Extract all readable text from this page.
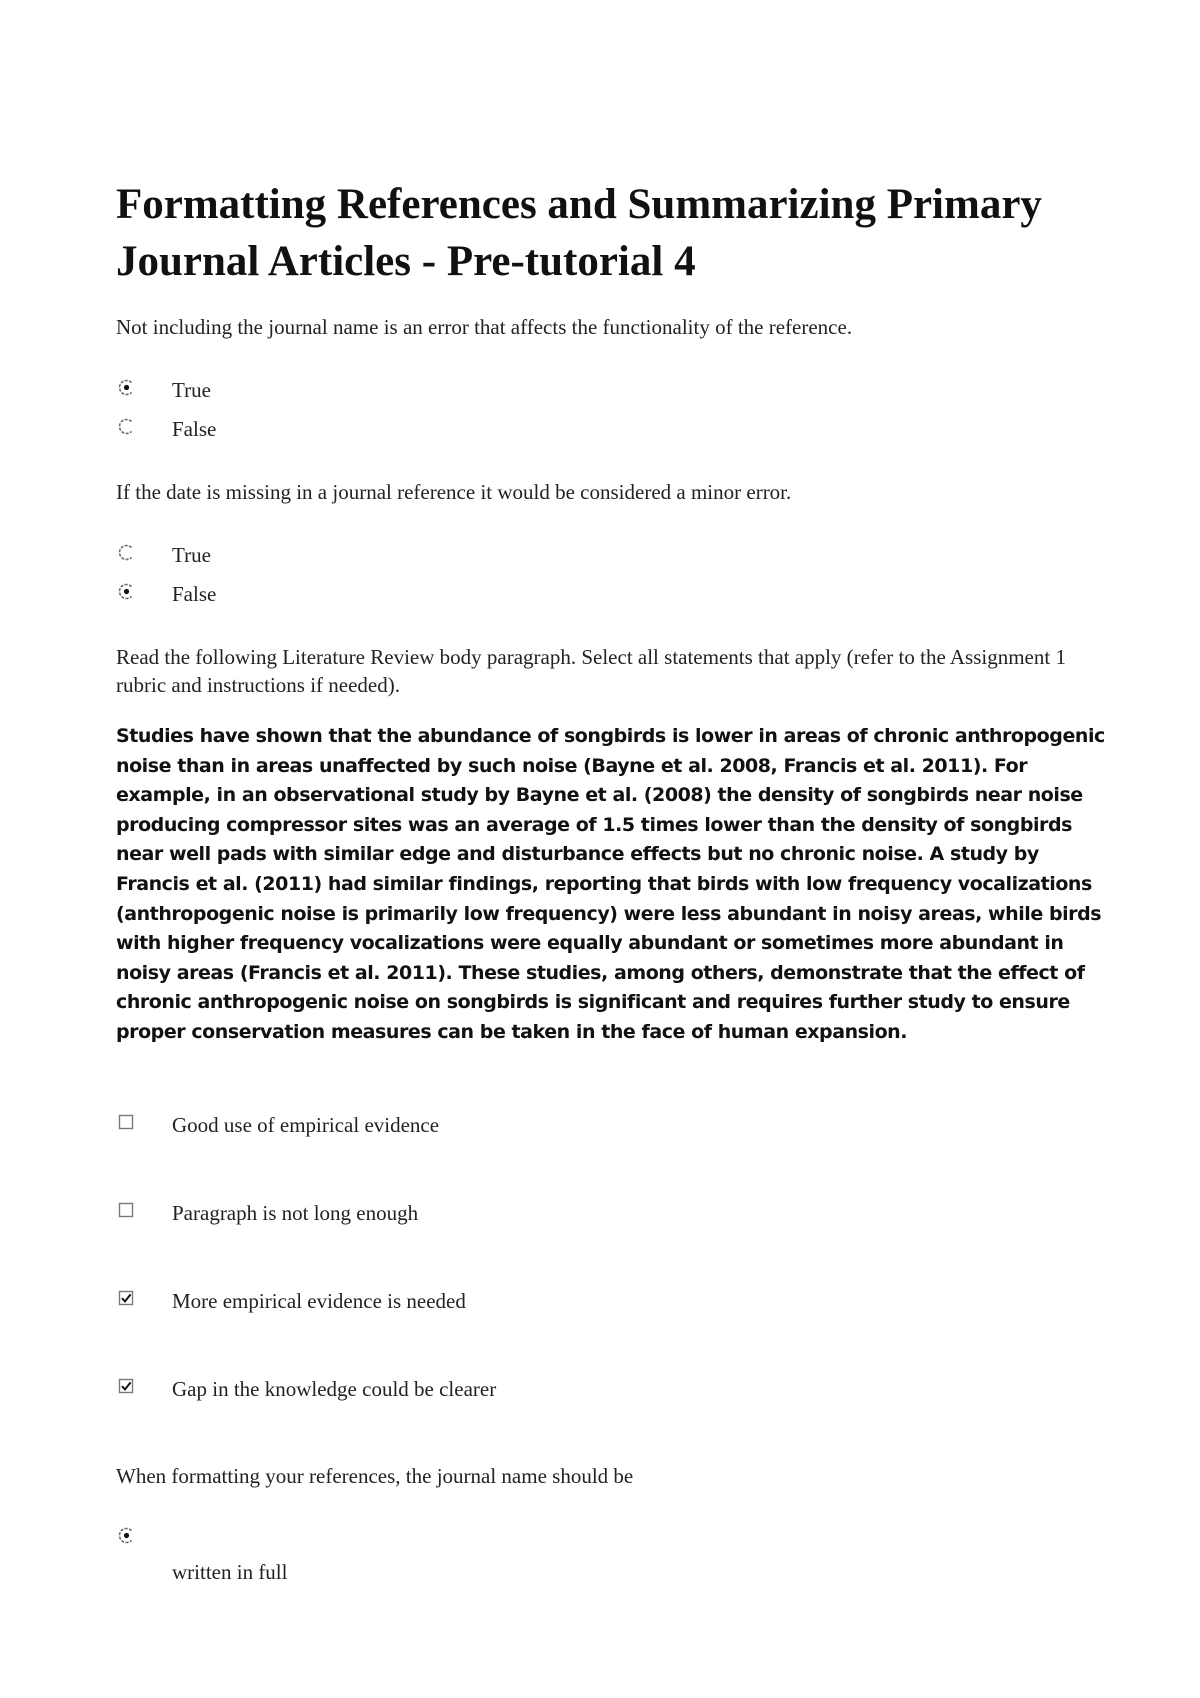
Formatting References and Summarizing Primary Journal Articles - Pre-tutorial 4

Not including the journal name is an error that affects the functionality of the reference.

True
False

If the date is missing in a journal reference it would be considered a minor error.

True
False

Read the following Literature Review body paragraph. Select all statements that apply (refer to the Assignment 1 rubric and instructions if needed).

Studies have shown that the abundance of songbirds is lower in areas of chronic anthropogenic noise than in areas unaffected by such noise (Bayne et al. 2008, Francis et al. 2011). For example, in an observational study by Bayne et al. (2008) the density of songbirds near noise producing compressor sites was an average of 1.5 times lower than the density of songbirds near well pads with similar edge and disturbance effects but no chronic noise. A study by Francis et al. (2011) had similar findings, reporting that birds with low frequency vocalizations (anthropogenic noise is primarily low frequency) were less abundant in noisy areas, while birds with higher frequency vocalizations were equally abundant or sometimes more abundant in noisy areas (Francis et al. 2011). These studies, among others, demonstrate that the effect of chronic anthropogenic noise on songbirds is significant and requires further study to ensure proper conservation measures can be taken in the face of human expansion.

Good use of empirical evidence
Paragraph is not long enough
More empirical evidence is needed
Gap in the knowledge could be clearer

When formatting your references, the journal name should be

written in full
